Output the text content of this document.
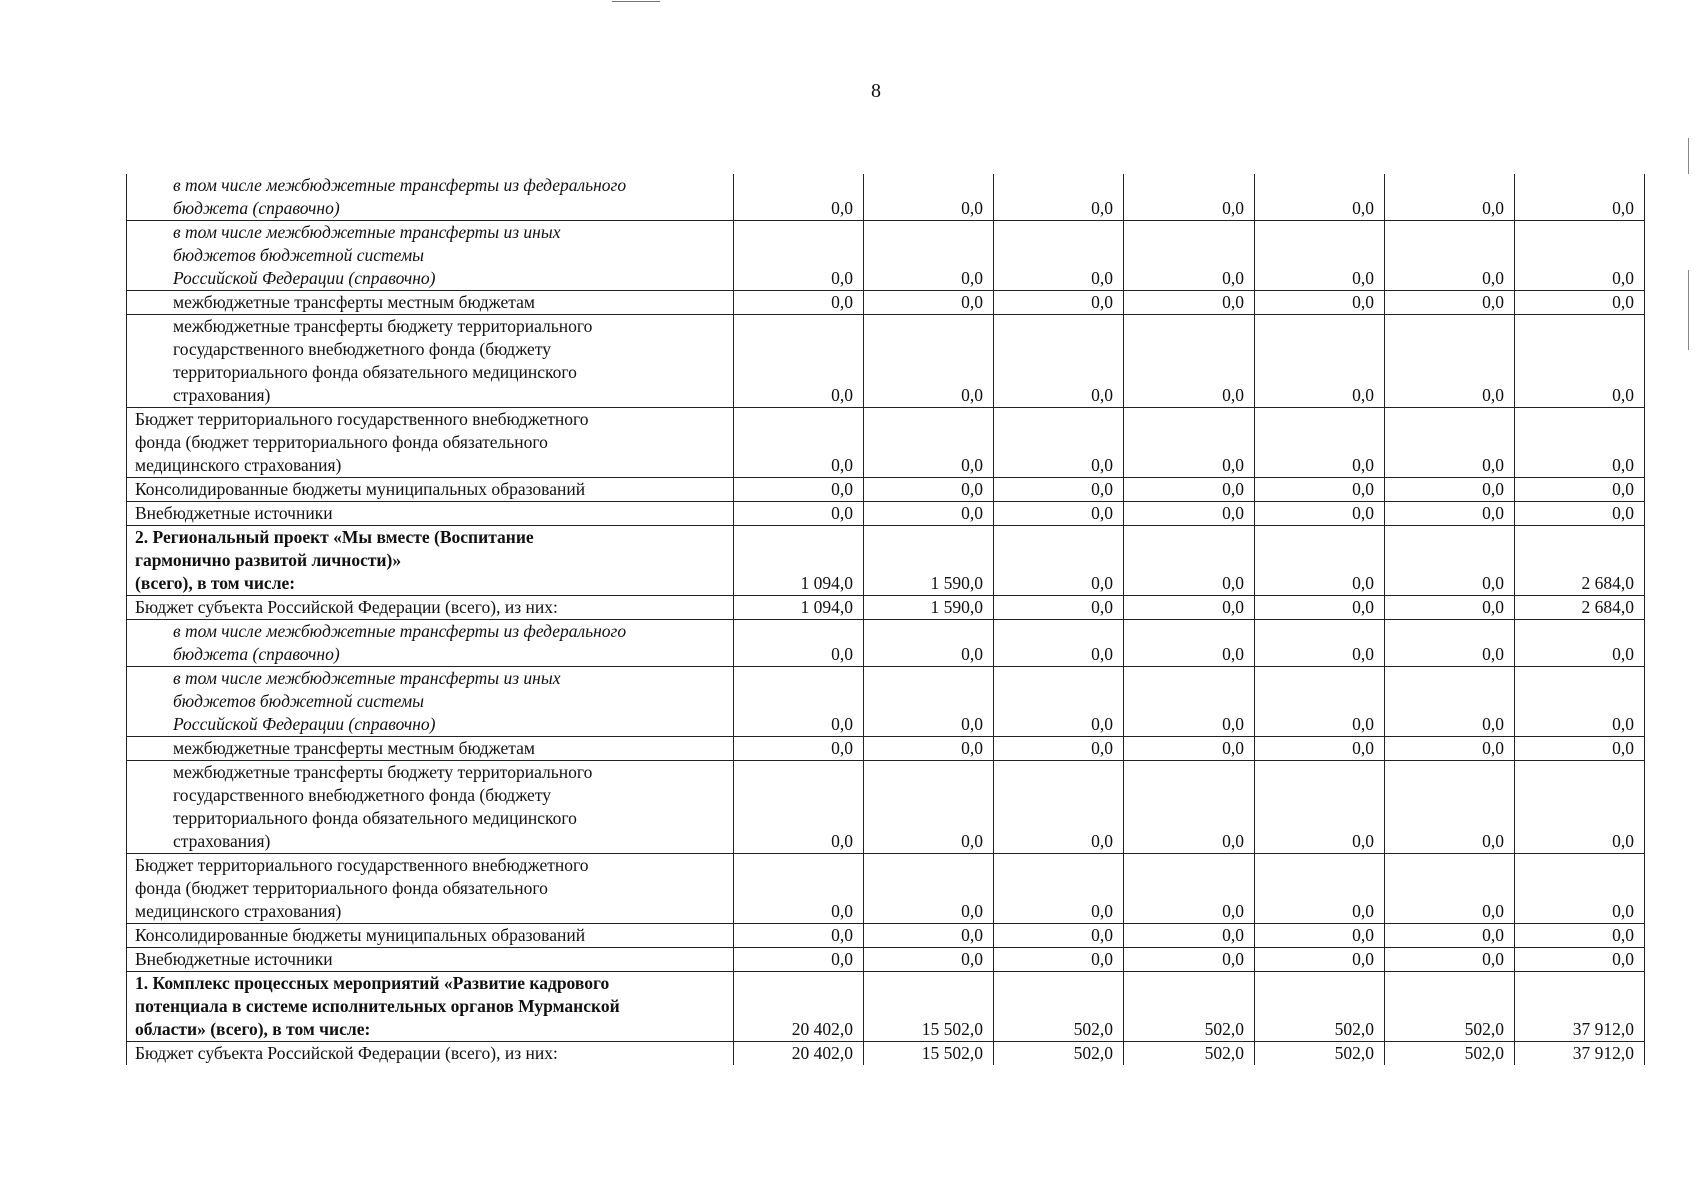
8
в том числе межбюджетные трансферты из федерального
бюджета (справочно)	0,0	0,0	0,0	0,0	0,0	0,0	0,0

в том числе межбюджетные трансферты из иных
бюджетов бюджетной системы
Российской Федерации (справочно)	0,0	0,0	0,0	0,0	0,0	0,0	0,0

межбюджетные трансферты местным бюджетам	0,0	0,0	0,0	0,0	0,0	0,0	0,0

межбюджетные трансферты бюджету территориального
государственного внебюджетного фонда (бюджету
территориального фонда обязательного медицинского
страхования)	0,0	0,0	0,0	0,0	0,0	0,0	0,0

Бюджет территориального государственного внебюджетного
фонда (бюджет территориального фонда обязательного
медицинского страхования)	0,0	0,0	0,0	0,0	0,0	0,0	0,0

Консолидированные бюджеты муниципальных образований	0,0	0,0	0,0	0,0	0,0	0,0	0,0

Внебюджетные источники	0,0	0,0	0,0	0,0	0,0	0,0	0,0

2. Региональный проект «Мы вместе (Воспитание
гармонично развитой личности)»
(всего), в том числе:	1 094,0	1 590,0	0,0	0,0	0,0	0,0	2 684,0

Бюджет субъекта Российской Федерации (всего), из них:	1 094,0	1 590,0	0,0	0,0	0,0	0,0	2 684,0

в том числе межбюджетные трансферты из федерального
бюджета (справочно)	0,0	0,0	0,0	0,0	0,0	0,0	0,0

в том числе межбюджетные трансферты из иных
бюджетов бюджетной системы
Российской Федерации (справочно)	0,0	0,0	0,0	0,0	0,0	0,0	0,0

межбюджетные трансферты местным бюджетам	0,0	0,0	0,0	0,0	0,0	0,0	0,0

межбюджетные трансферты бюджету территориального
государственного внебюджетного фонда (бюджету
территориального фонда обязательного медицинского
страхования)	0,0	0,0	0,0	0,0	0,0	0,0	0,0

Бюджет территориального государственного внебюджетного
фонда (бюджет территориального фонда обязательного
медицинского страхования)	0,0	0,0	0,0	0,0	0,0	0,0	0,0

Консолидированные бюджеты муниципальных образований	0,0	0,0	0,0	0,0	0,0	0,0	0,0

Внебюджетные источники	0,0	0,0	0,0	0,0	0,0	0,0	0,0

1. Комплекс процессных мероприятий «Развитие кадрового
потенциала в системе исполнительных органов Мурманской
области» (всего), в том числе:	20 402,0	15 502,0	502,0	502,0	502,0	502,0	37 912,0

Бюджет субъекта Российской Федерации (всего), из них:	20 402,0	15 502,0	502,0	502,0	502,0	502,0	37 912,0
